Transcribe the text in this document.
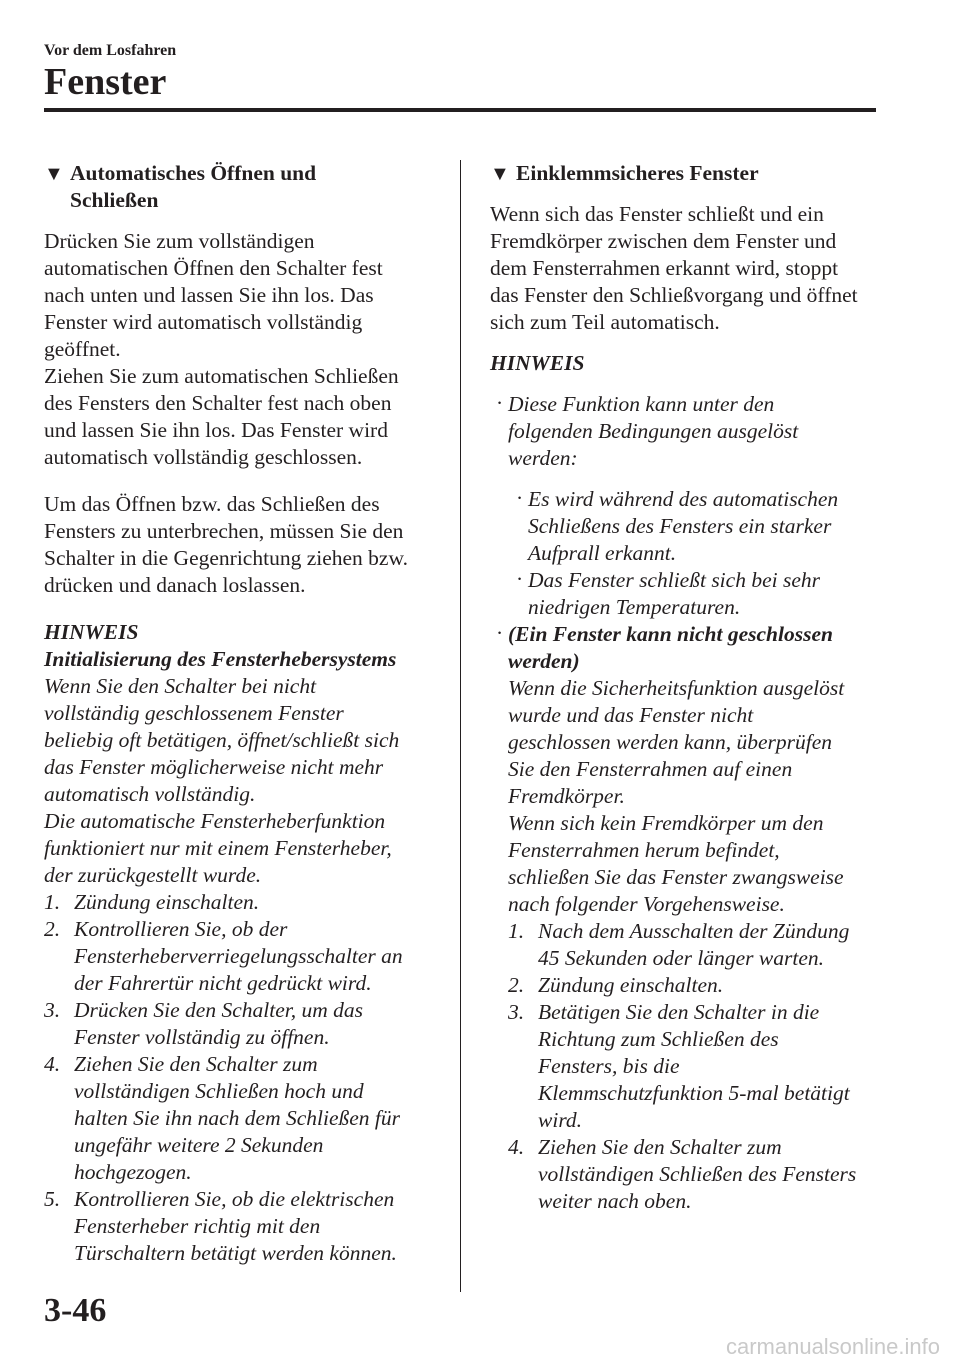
Vor dem Losfahren
Fenster
▼ Automatisches Öffnen und
Schließen
Drücken Sie zum vollständigen
automatischen Öffnen den Schalter fest
nach unten und lassen Sie ihn los. Das
Fenster wird automatisch vollständig
geöffnet.
Ziehen Sie zum automatischen Schließen
des Fensters den Schalter fest nach oben
und lassen Sie ihn los. Das Fenster wird
automatisch vollständig geschlossen.
Um das Öffnen bzw. das Schließen des
Fensters zu unterbrechen, müssen Sie den
Schalter in die Gegenrichtung ziehen bzw.
drücken und danach loslassen.
HINWEIS
Initialisierung des Fensterhebersystems
Wenn Sie den Schalter bei nicht
vollständig geschlossenem Fenster
beliebig oft betätigen, öffnet/schließt sich
das Fenster möglicherweise nicht mehr
automatisch vollständig.
Die automatische Fensterheberfunktion
funktioniert nur mit einem Fensterheber,
der zurückgestellt wurde.
1. Zündung einschalten.
2. Kontrollieren Sie, ob der
Fensterheberverriegelungsschalter an
der Fahrertür nicht gedrückt wird.
3. Drücken Sie den Schalter, um das
Fenster vollständig zu öffnen.
4. Ziehen Sie den Schalter zum
vollständigen Schließen hoch und
halten Sie ihn nach dem Schließen für
ungefähr weitere 2 Sekunden
hochgezogen.
5. Kontrollieren Sie, ob die elektrischen
Fensterheber richtig mit den
Türschaltern betätigt werden können.
▼ Einklemmsicheres Fenster
Wenn sich das Fenster schließt und ein
Fremdkörper zwischen dem Fenster und
dem Fensterrahmen erkannt wird, stoppt
das Fenster den Schließvorgang und öffnet
sich zum Teil automatisch.
HINWEIS
· Diese Funktion kann unter den
folgenden Bedingungen ausgelöst
werden:
· Es wird während des automatischen
Schließens des Fensters ein starker
Aufprall erkannt.
· Das Fenster schließt sich bei sehr
niedrigen Temperaturen.
· (Ein Fenster kann nicht geschlossen
werden)
Wenn die Sicherheitsfunktion ausgelöst
wurde und das Fenster nicht
geschlossen werden kann, überprüfen
Sie den Fensterrahmen auf einen
Fremdkörper.
Wenn sich kein Fremdkörper um den
Fensterrahmen herum befindet,
schließen Sie das Fenster zwangsweise
nach folgender Vorgehensweise.
1. Nach dem Ausschalten der Zündung
45 Sekunden oder länger warten.
2. Zündung einschalten.
3. Betätigen Sie den Schalter in die
Richtung zum Schließen des
Fensters, bis die
Klemmschutzfunktion 5-mal betätigt
wird.
4. Ziehen Sie den Schalter zum
vollständigen Schließen des Fensters
weiter nach oben.
3-46
carmanualsonline.info
